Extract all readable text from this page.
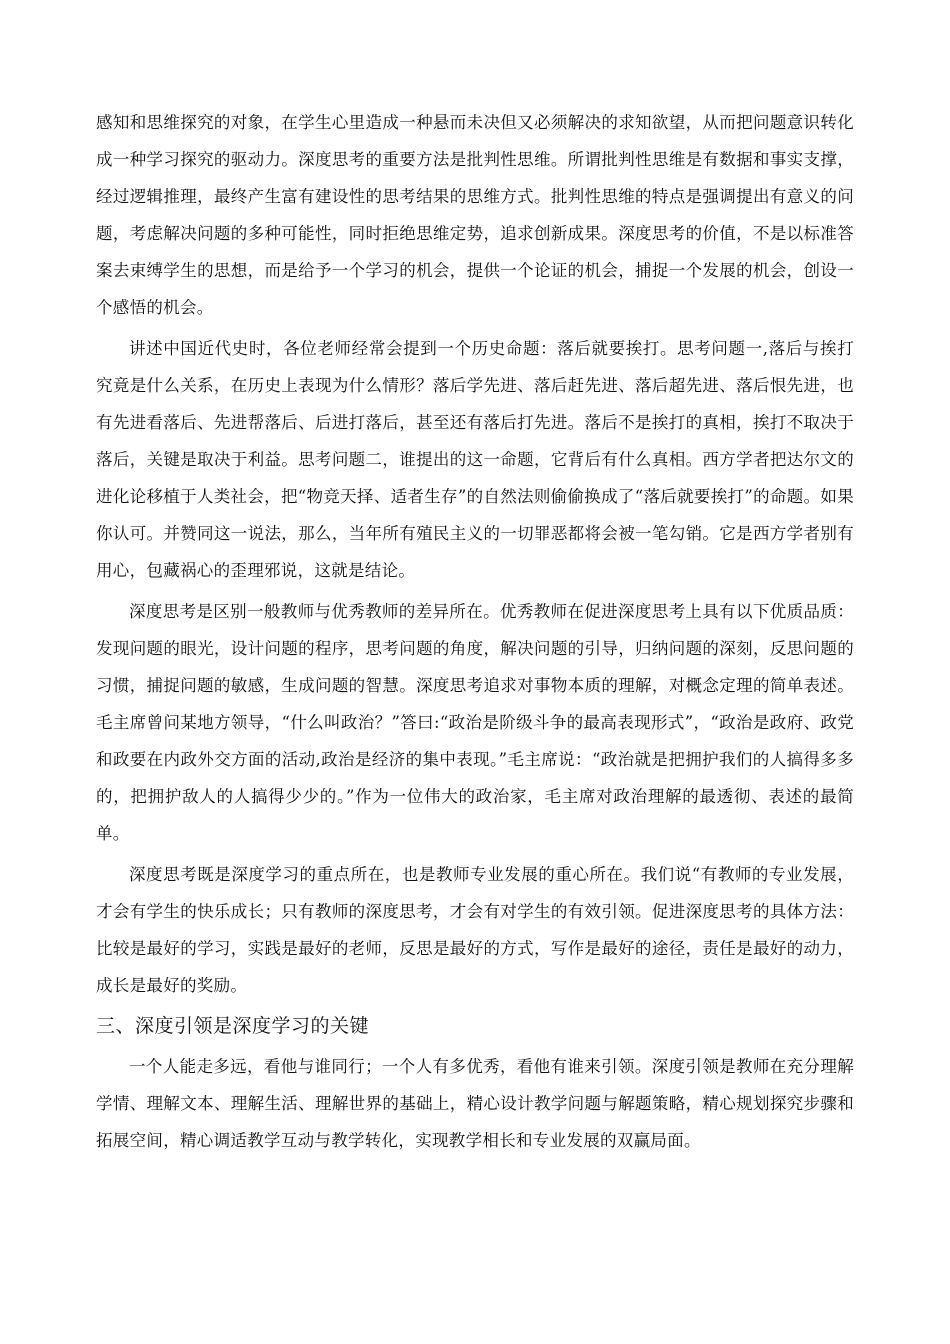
感知和思维探究的对象，在学生心里造成一种悬而未决但又必须解决的求知欲望，从而把问题意识转化成一种学习探究的驱动力。深度思考的重要方法是批判性思维。所谓批判性思维是有数据和事实支撑，经过逻辑推理，最终产生富有建设性的思考结果的思维方式。批判性思维的特点是强调提出有意义的问题，考虑解决问题的多种可能性，同时拒绝思维定势，追求创新成果。深度思考的价值，不是以标准答案去束缚学生的思想，而是给予一个学习的机会，提供一个论证的机会，捕捉一个发展的机会，创设一个感悟的机会。

讲述中国近代史时，各位老师经常会提到一个历史命题：落后就要挨打。思考问题一,落后与挨打究竟是什么关系，在历史上表现为什么情形？落后学先进、落后赶先进、落后超先进、落后恨先进，也有先进看落后、先进帮落后、后进打落后，甚至还有落后打先进。落后不是挨打的真相，挨打不取决于落后，关键是取决于利益。思考问题二，谁提出的这一命题，它背后有什么真相。西方学者把达尔文的进化论移植于人类社会，把“物竞天择、适者生存”的自然法则偷偷换成了“落后就要挨打”的命题。如果你认可。并赞同这一说法，那么，当年所有殖民主义的一切罪恶都将会被一笔勾销。它是西方学者别有用心，包藏祸心的歪理邪说，这就是结论。

深度思考是区别一般教师与优秀教师的差异所在。优秀教师在促进深度思考上具有以下优质品质：发现问题的眼光，设计问题的程序，思考问题的角度，解决问题的引导，归纳问题的深刻，反思问题的习惯，捕捉问题的敏感，生成问题的智慧。深度思考追求对事物本质的理解，对概念定理的简单表述。毛主席曾问某地方领导，“什么叫政治？”答曰:“政治是阶级斗争的最高表现形式”，“政治是政府、政党和政要在内政外交方面的活动,政治是经济的集中表现。”毛主席说：“政治就是把拥护我们的人搞得多多的，把拥护敌人的人搞得少少的。”作为一位伟大的政治家，毛主席对政治理解的最透彻、表述的最简单。

深度思考既是深度学习的重点所在，也是教师专业发展的重心所在。我们说“有教师的专业发展，才会有学生的快乐成长；只有教师的深度思考，才会有对学生的有效引领。促进深度思考的具体方法：比较是最好的学习，实践是最好的老师，反思是最好的方式，写作是最好的途径，责任是最好的动力，成长是最好的奖励。

三、深度引领是深度学习的关键

一个人能走多远，看他与谁同行；一个人有多优秀，看他有谁来引领。深度引领是教师在充分理解学情、理解文本、理解生活、理解世界的基础上，精心设计教学问题与解题策略，精心规划探究步骤和拓展空间，精心调适教学互动与教学转化，实现教学相长和专业发展的双赢局面。
